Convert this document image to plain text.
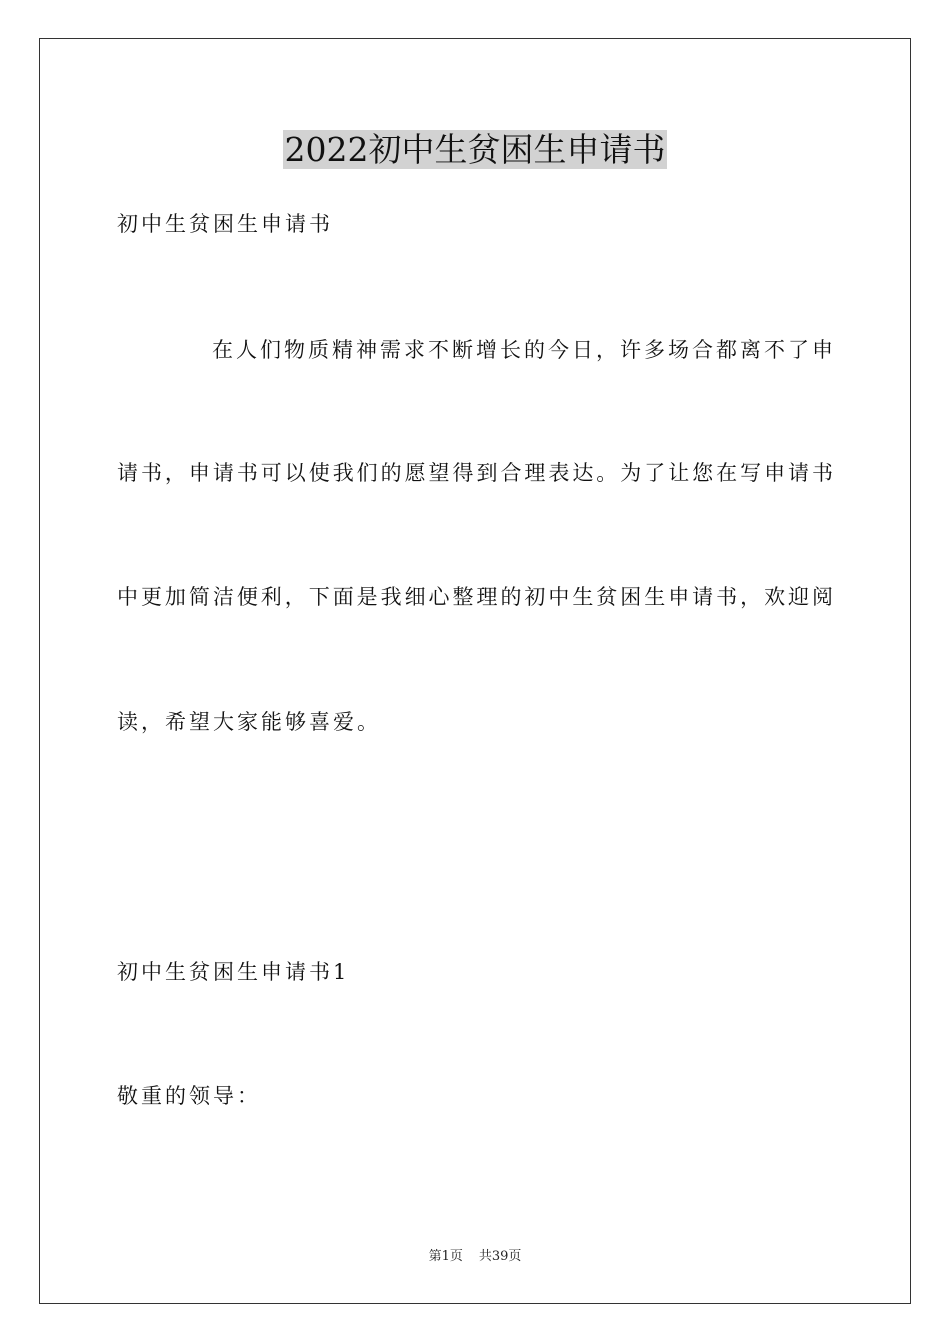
2022初中生贫困生申请书
初中生贫困生申请书
在人们物质精神需求不断增长的今日，许多场合都离不了申
请书，申请书可以使我们的愿望得到合理表达。为了让您在写申请书
中更加简洁便利，下面是我细心整理的初中生贫困生申请书，欢迎阅
读，希望大家能够喜爱。
初中生贫困生申请书1
敬重的领导：
第1页 共39页
